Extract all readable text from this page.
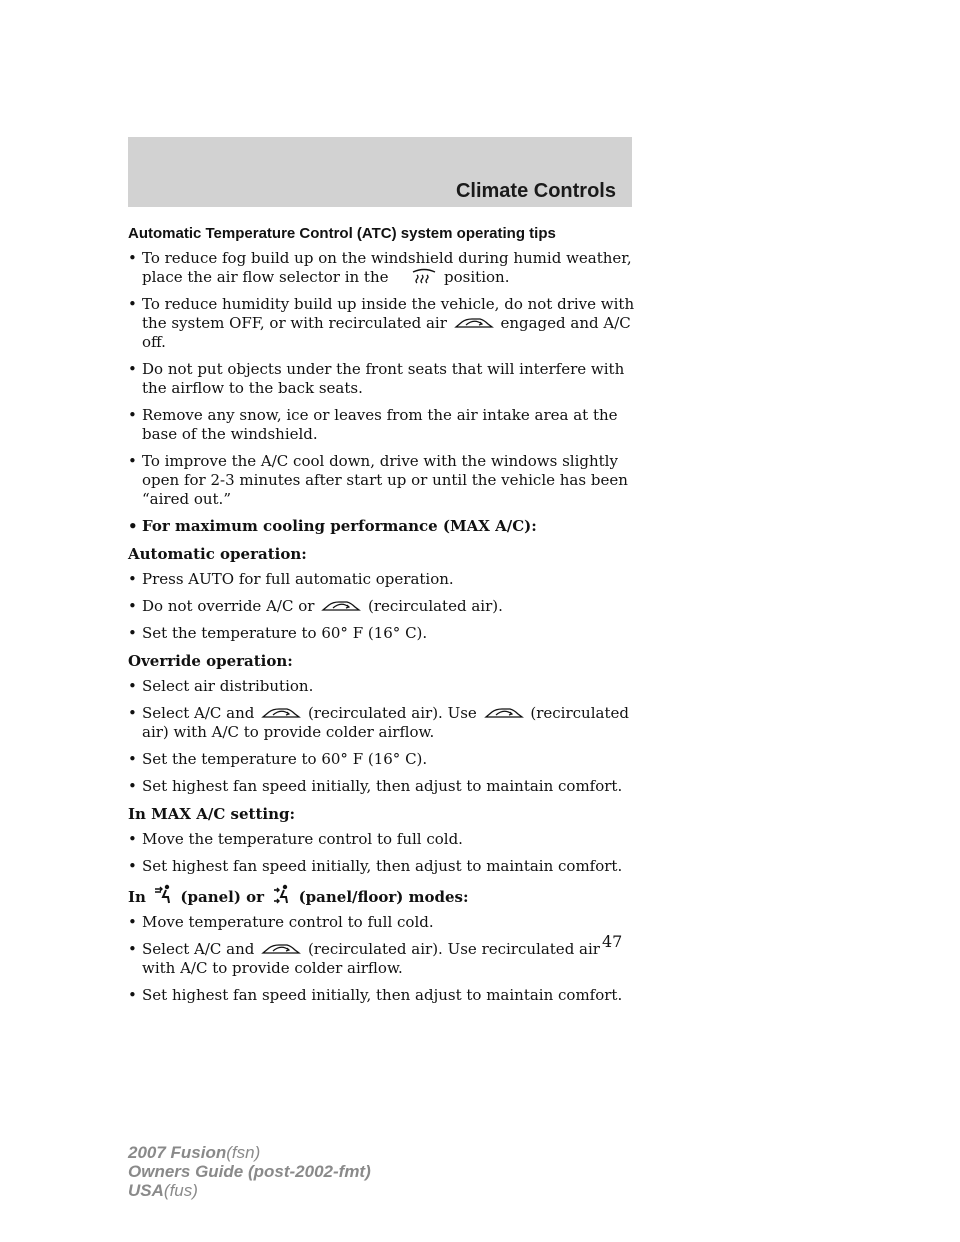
Climate Controls
Automatic Temperature Control (ATC) system operating tips
• To reduce fog build up on the windshield during humid weather, place the air flow selector in the	position.
• To reduce humidity build up inside the vehicle, do not drive with the system OFF, or with recirculated air	engaged and A/C off.
• Do not put objects under the front seats that will interfere with the airflow to the back seats.
• Remove any snow, ice or leaves from the air intake area at the base of the windshield.
• To improve the A/C cool down, drive with the windows slightly open for 2-3 minutes after start up or until the vehicle has been “aired out.”
• For maximum cooling performance (MAX A/C):
Automatic operation:
• Press AUTO for full automatic operation.
• Do not override A/C or	(recirculated air).
• Set the temperature to 60° F (16° C).
Override operation:
• Select air distribution.
• Select A/C and	(recirculated air). Use	(recirculated air) with A/C to provide colder airflow.
• Set the temperature to 60° F (16° C).
• Set highest fan speed initially, then adjust to maintain comfort.
In MAX A/C setting:
• Move the temperature control to full cold.
• Set highest fan speed initially, then adjust to maintain comfort.
In (panel) or (panel/floor) modes:
• Move temperature control to full cold.
• Select A/C and	(recirculated air). Use recirculated air with A/C to provide colder airflow.
• Set highest fan speed initially, then adjust to maintain comfort.
47
2007 Fusion(fsn)
Owners Guide (post-2002-fmt)
USA(fus)
